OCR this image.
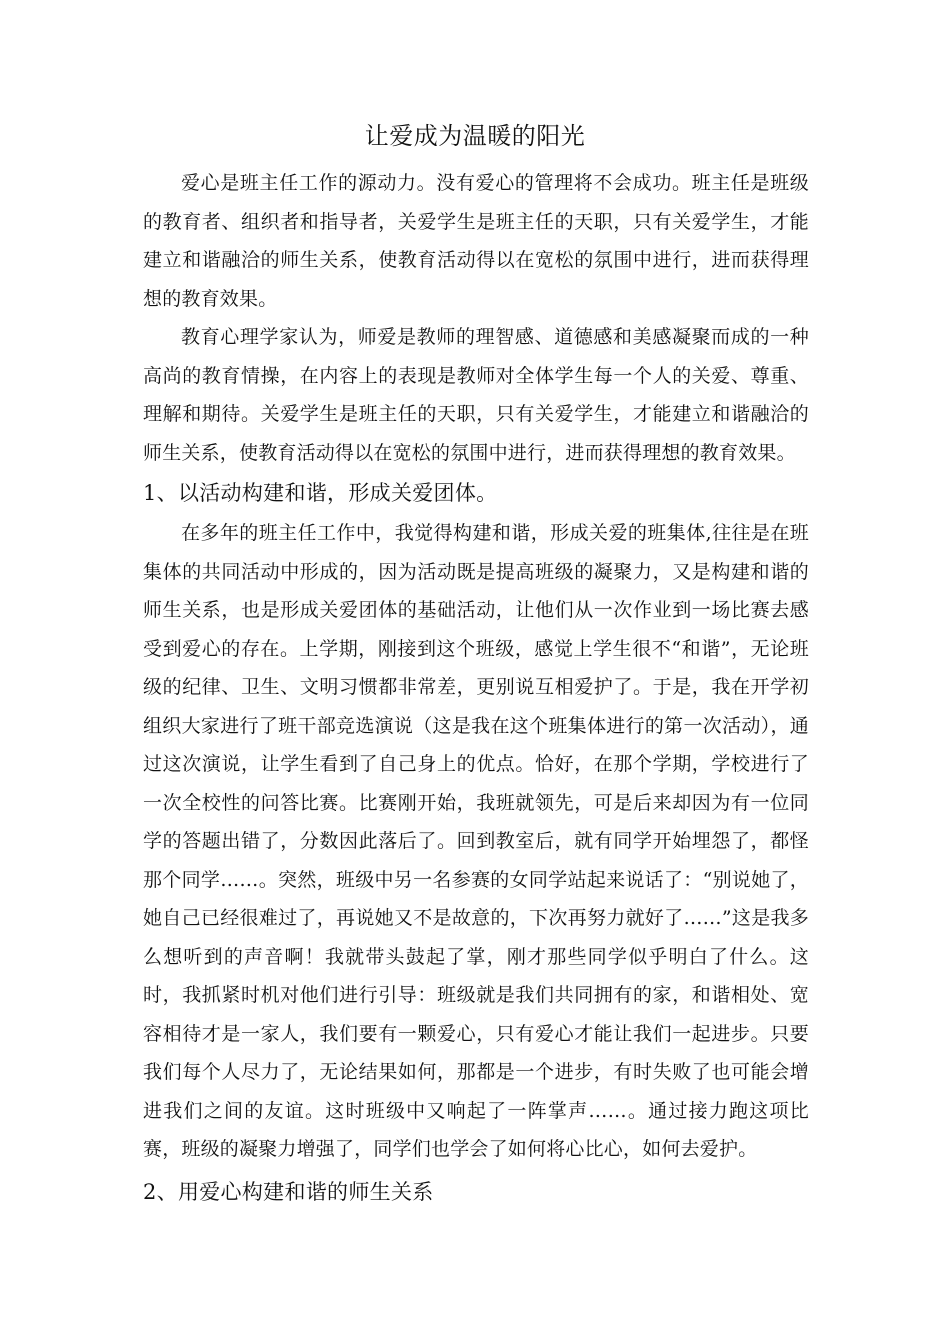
让爱成为温暖的阳光

爱心是班主任工作的源动力。没有爱心的管理将不会成功。班主任是班级的教育者、组织者和指导者，关爱学生是班主任的天职，只有关爱学生，才能建立和谐融洽的师生关系，使教育活动得以在宽松的氛围中进行，进而获得理想的教育效果。

教育心理学家认为，师爱是教师的理智感、道德感和美感凝聚而成的一种高尚的教育情操，在内容上的表现是教师对全体学生每一个人的关爱、尊重、理解和期待。关爱学生是班主任的天职，只有关爱学生，才能建立和谐融洽的师生关系，使教育活动得以在宽松的氛围中进行，进而获得理想的教育效果。

1、以活动构建和谐，形成关爱团体。

在多年的班主任工作中，我觉得构建和谐，形成关爱的班集体,往往是在班集体的共同活动中形成的，因为活动既是提高班级的凝聚力，又是构建和谐的师生关系，也是形成关爱团体的基础活动，让他们从一次作业到一场比赛去感受到爱心的存在。上学期，刚接到这个班级，感觉上学生很不“和谐”，无论班级的纪律、卫生、文明习惯都非常差，更别说互相爱护了。于是，我在开学初组织大家进行了班干部竞选演说（这是我在这个班集体进行的第一次活动），通过这次演说，让学生看到了自己身上的优点。恰好，在那个学期，学校进行了一次全校性的问答比赛。比赛刚开始，我班就领先，可是后来却因为有一位同学的答题出错了，分数因此落后了。回到教室后，就有同学开始埋怨了，都怪那个同学……。突然，班级中另一名参赛的女同学站起来说话了：“别说她了，她自己已经很难过了，再说她又不是故意的，下次再努力就好了……”这是我多么想听到的声音啊！我就带头鼓起了掌，刚才那些同学似乎明白了什么。这时，我抓紧时机对他们进行引导：班级就是我们共同拥有的家，和谐相处、宽容相待才是一家人，我们要有一颗爱心，只有爱心才能让我们一起进步。只要我们每个人尽力了，无论结果如何，那都是一个进步，有时失败了也可能会增进我们之间的友谊。这时班级中又响起了一阵掌声……。通过接力跑这项比赛，班级的凝聚力增强了，同学们也学会了如何将心比心，如何去爱护。

2、用爱心构建和谐的师生关系
